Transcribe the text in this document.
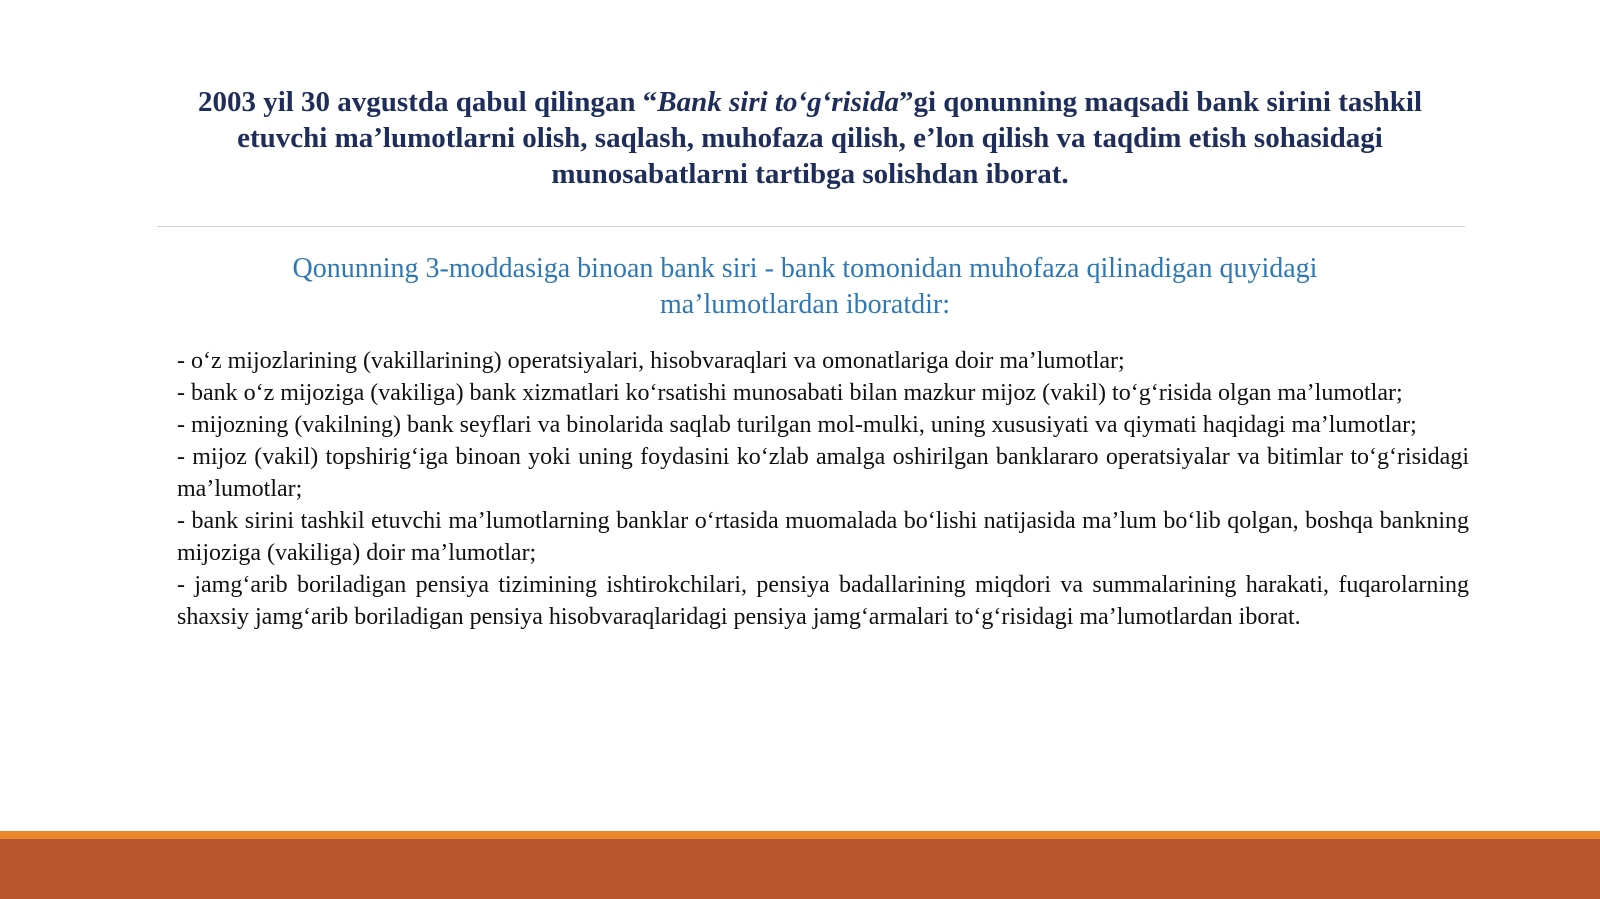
2003 yil 30 avgustda qabul qilingan “Bank siri to‘g‘risida”gi qonunning maqsadi bank sirini tashkil etuvchi ma’lumotlarni olish, saqlash, muhofaza qilish, e’lon qilish va taqdim etish sohasidagi munosabatlarni tartibga solishdan iborat.
Qonunning 3-moddasiga binoan bank siri - bank tomonidan muhofaza qilinadigan quyidagi ma’lumotlardan iboratdir:

- o‘z mijozlarining (vakillarining) operatsiyalari, hisobvaraqlari va omonatlariga doir ma’lumotlar;

- bank o‘z mijoziga (vakiliga) bank xizmatlari ko‘rsatishi munosabati bilan mazkur mijoz (vakil) to‘g‘risida olgan ma’lumotlar;

- mijozning (vakilning) bank seyflari va binolarida saqlab turilgan mol-mulki, uning xususiyati va qiymati haqidagi ma’lumotlar;

- mijoz (vakil) topshirig‘iga binoan yoki uning foydasini ko‘zlab amalga oshirilgan banklararo operatsiyalar va bitimlar to‘g‘risidagi ma’lumotlar;

- bank sirini tashkil etuvchi ma’lumotlarning banklar o‘rtasida muomalada bo‘lishi natijasida ma’lum bo‘lib qolgan, boshqa bankning mijoziga (vakiliga) doir ma’lumotlar;

- jamg‘arib boriladigan pensiya tizimining ishtirokchilari, pensiya badallarining miqdori va summalarining harakati, fuqarolarning shaxsiy jamg‘arib boriladigan pensiya hisobvaraqlaridagi pensiya jamg‘armalari to‘g‘risidagi ma’lumotlardan iborat.
